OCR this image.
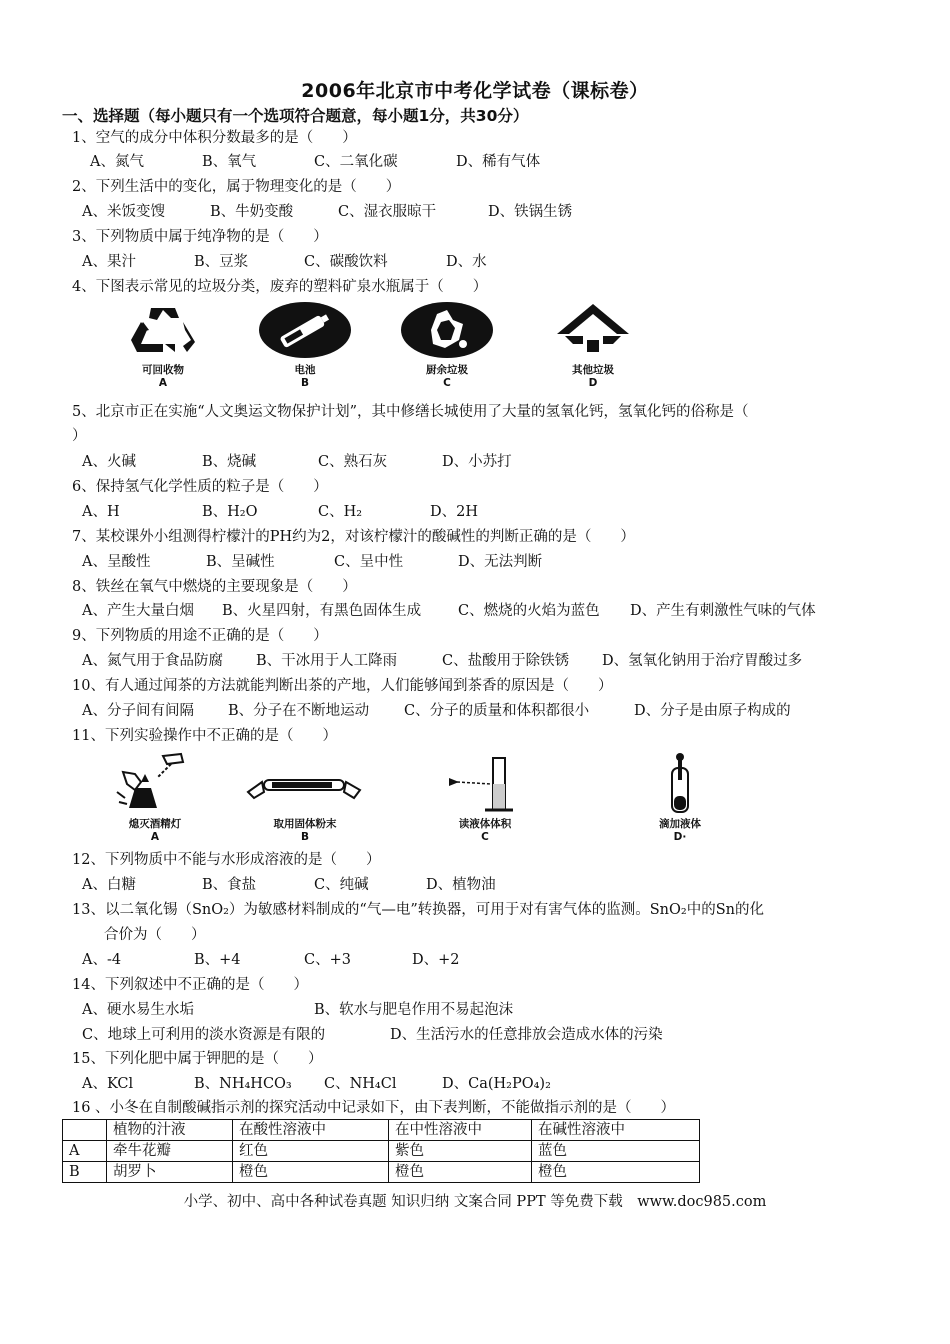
2006年北京市中考化学试卷（课标卷）
一、选择题（每小题只有一个选项符合题意，每小题1分，共30分）
1、空气的成分中体积分数最多的是（　　）
A、氮气	B、氧气	C、二氧化碳	D、稀有气体
2、下列生活中的变化，属于物理变化的是（　　）
A、米饭变馊	B、牛奶变酸	C、湿衣服晾干	D、铁锅生锈
3、下列物质中属于纯净物的是（　　）
A、果汁	B、豆浆	C、碳酸饮料	D、水
4、下图表示常见的垃圾分类，废弃的塑料矿泉水瓶属于（　　）
可回收物
A
电池
B
厨余垃圾
C
其他垃圾
D
5、北京市正在实施“人文奥运文物保护计划”，其中修缮长城使用了大量的氢氧化钙，氢氧化钙的俗称是（
）
A、火碱	B、烧碱	C、熟石灰	D、小苏打
6、保持氢气化学性质的粒子是（　　）
A、H	B、H₂O	C、H₂	D、2H
7、某校课外小组测得柠檬汁的PH约为2，对该柠檬汁的酸碱性的判断正确的是（　　）
A、呈酸性	B、呈碱性	C、呈中性	D、无法判断
8、铁丝在氧气中燃烧的主要现象是（　　）
A、产生大量白烟 B、火星四射，有黑色固体生成	C、燃烧的火焰为蓝色 D、产生有刺激性气味的气体
9、下列物质的用途不正确的是（　　）
A、氮气用于食品防腐 B、干冰用于人工降雨	C、盐酸用于除铁锈 D、氢氧化钠用于治疗胃酸过多
10、有人通过闻茶的方法就能判断出茶的产地，人们能够闻到茶香的原因是（　　）
A、分子间有间隔 B、分子在不断地运动 C、分子的质量和体积都很小	D、分子是由原子构成的
11、下列实验操作中不正确的是（　　）
熄灭酒精灯
A
取用固体粉末
B
读液体体积
C
滴加液体
D·
12、下列物质中不能与水形成溶液的是（　　）
A、白糖	B、食盐	C、纯碱	D、植物油
13、以二氧化锡（SnO₂）为敏感材料制成的“气—电”转换器，可用于对有害气体的监测。SnO₂中的Sn的化
合价为（　　）
A、-4	B、+4	C、+3	D、+2
14、下列叙述中不正确的是（　　）
A、硬水易生水垢	B、软水与肥皂作用不易起泡沫
C、地球上可利用的淡水资源是有限的	D、生活污水的任意排放会造成水体的污染
15、下列化肥中属于钾肥的是（　　）
A、KCl	B、NH₄HCO₃ C、NH₄Cl	D、Ca(H₂PO₄)₂
16 、小冬在自制酸碱指示剂的探究活动中记录如下，由下表判断，不能做指示剂的是（　　）
	植物的汁液	在酸性溶液中	在中性溶液中	在碱性溶液中
A	牵牛花瓣	红色	紫色	蓝色
B	胡罗卜	橙色	橙色	橙色
小学、初中、高中各种试卷真题 知识归纳 文案合同 PPT 等免费下载　www.doc985.com
